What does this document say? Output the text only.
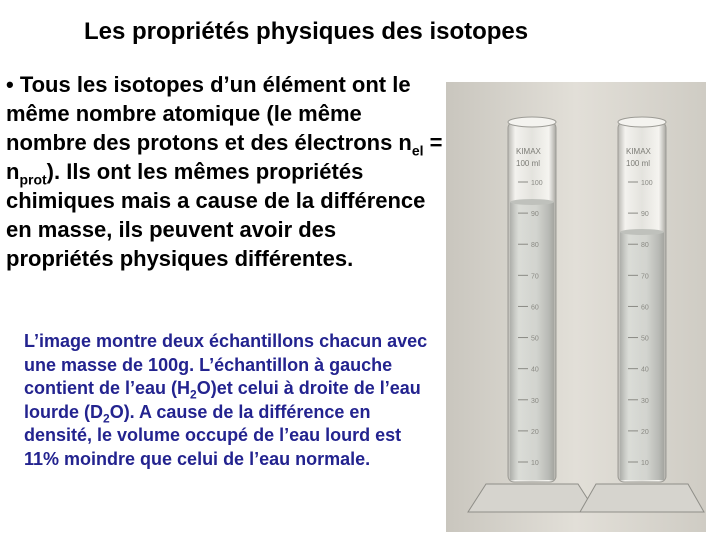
Les propriétés physiques des isotopes
• Tous les isotopes d’un élément ont le même nombre atomique (le même nombre des protons et des électrons $n_{el} = n_{prot}$). Ils ont les mêmes propriétés chimiques mais a cause de la différence en masse, ils peuvent avoir des propriétés physiques différentes.
L’image montre deux échantillons chacun avec une masse de 100g. L’échantillon à gauche contient de l’eau $(H_2O)et$ celui à droite de l’eau lourde $(D_2O)$. A cause de la différence en densité, le volume occupé de l’eau lourd est 11% moindre que celui de l’eau normale.
KIMAX
100 ml
100
90
80
70
60
50
40
30
20
10
KIMAX
100 ml
100
90
80
70
60
50
40
30
20
10
